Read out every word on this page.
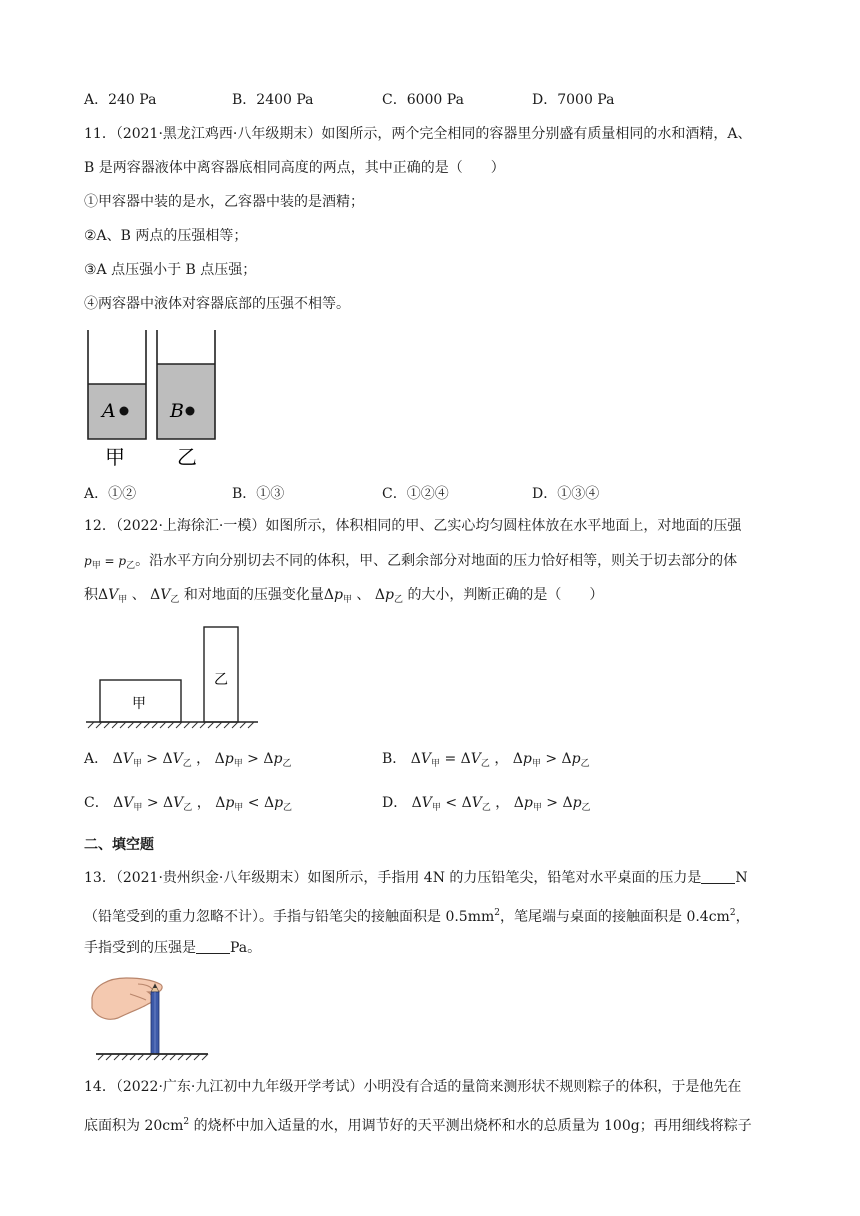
A．240 Pa	B．2400 Pa	C．6000 Pa	D．7000 Pa
11．（2021·黑龙江鸡西·八年级期末）如图所示，两个完全相同的容器里分别盛有质量相同的水和酒精，A、
B 是两容器液体中离容器底相同高度的两点，其中正确的是（　　）
①甲容器中装的是水，乙容器中装的是酒精；
②A、B 两点的压强相等；
③A 点压强小于 B 点压强；
④两容器中液体对容器底部的压强不相等。
A	B
甲	乙
A．①②	B．①③	C．①②④	D．①③④
12．（2022·上海徐汇·一模）如图所示，体积相同的甲、乙实心均匀圆柱体放在水平地面上，对地面的压强
$p_甲 = p_乙$。沿水平方向分别切去不同的体积，甲、乙剩余部分对地面的压力恰好相等，则关于切去部分的体
积$\Delta V_甲$ 、 $\Delta V_乙$ 和对地面的压强变化量$\Delta p_甲$ 、 $\Delta p_乙$ 的大小，判断正确的是（　　）
甲
乙
A． $\Delta V_甲 > \Delta V_乙$ ， $\Delta p_甲 > \Delta p_乙$	B． $\Delta V_甲 = \Delta V_乙$ ， $\Delta p_甲 > \Delta p_乙$
C． $\Delta V_甲 > \Delta V_乙$ ， $\Delta p_甲 < \Delta p_乙$	D． $\Delta V_甲 < \Delta V_乙$ ， $\Delta p_甲 > \Delta p_乙$
二、填空题
13．（2021·贵州织金·八年级期末）如图所示，手指用 4N 的力压铅笔尖，铅笔对水平桌面的压力是 N
（铅笔受到的重力忽略不计）。手指与铅笔尖的接触面积是 $0.5mm^2$，笔尾端与桌面的接触面积是 $0.4cm^2$，
手指受到的压强是 Pa。
14．（2022·广东·九江初中九年级开学考试）小明没有合适的量筒来测形状不规则粽子的体积，于是他先在
底面积为 $20cm^2$ 的烧杯中加入适量的水，用调节好的天平测出烧杯和水的总质量为 100g；再用细线将粽子
